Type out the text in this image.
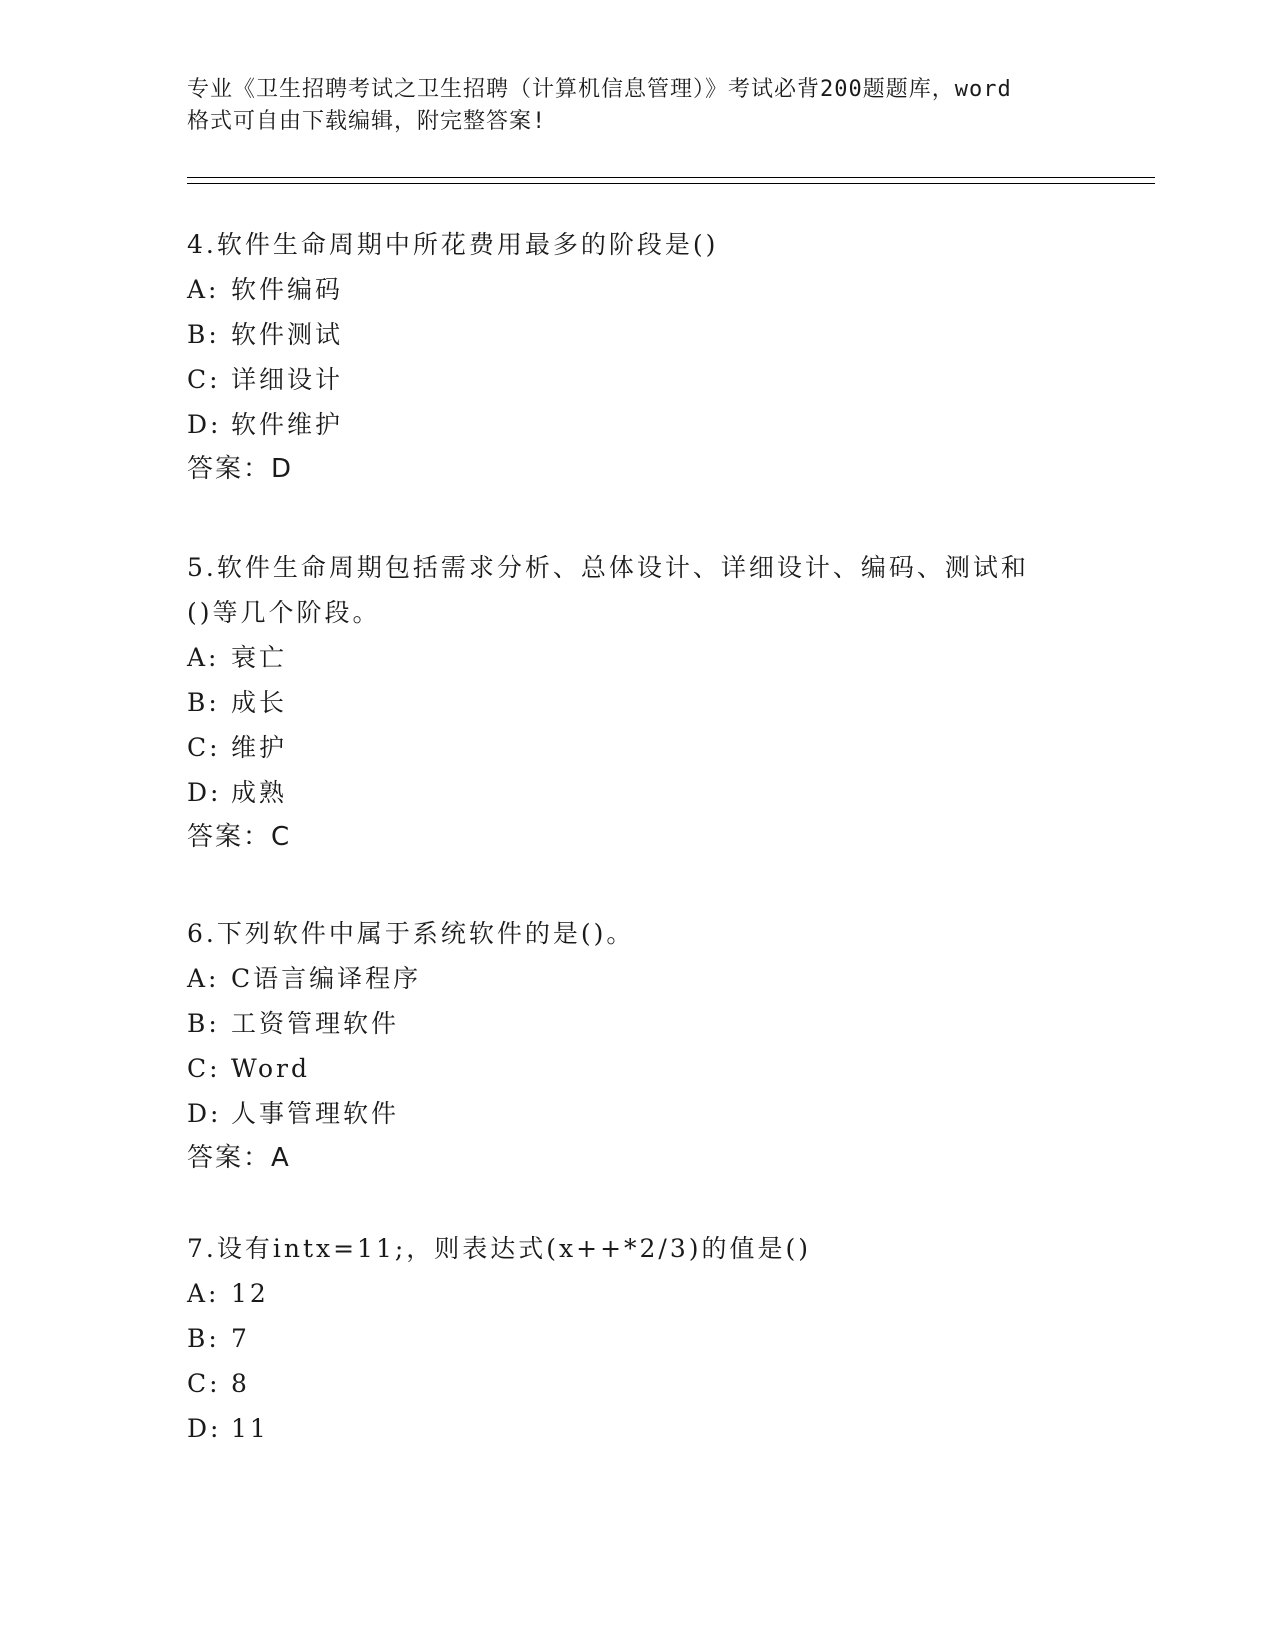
专业《卫生招聘考试之卫生招聘（计算机信息管理）》考试必背200题题库，word
格式可自由下载编辑，附完整答案!
4.软件生命周期中所花费用最多的阶段是()
A: 软件编码
B: 软件测试
C: 详细设计
D: 软件维护
答案：D
5.软件生命周期包括需求分析、总体设计、详细设计、编码、测试和
()等几个阶段。
A: 衰亡
B: 成长
C: 维护
D: 成熟
答案：C
6.下列软件中属于系统软件的是()。
A: C语言编译程序
B: 工资管理软件
C: Word
D: 人事管理软件
答案：A
7.设有intx=11;，则表达式(x++*2/3)的值是()
A: 12
B: 7
C: 8
D: 11
